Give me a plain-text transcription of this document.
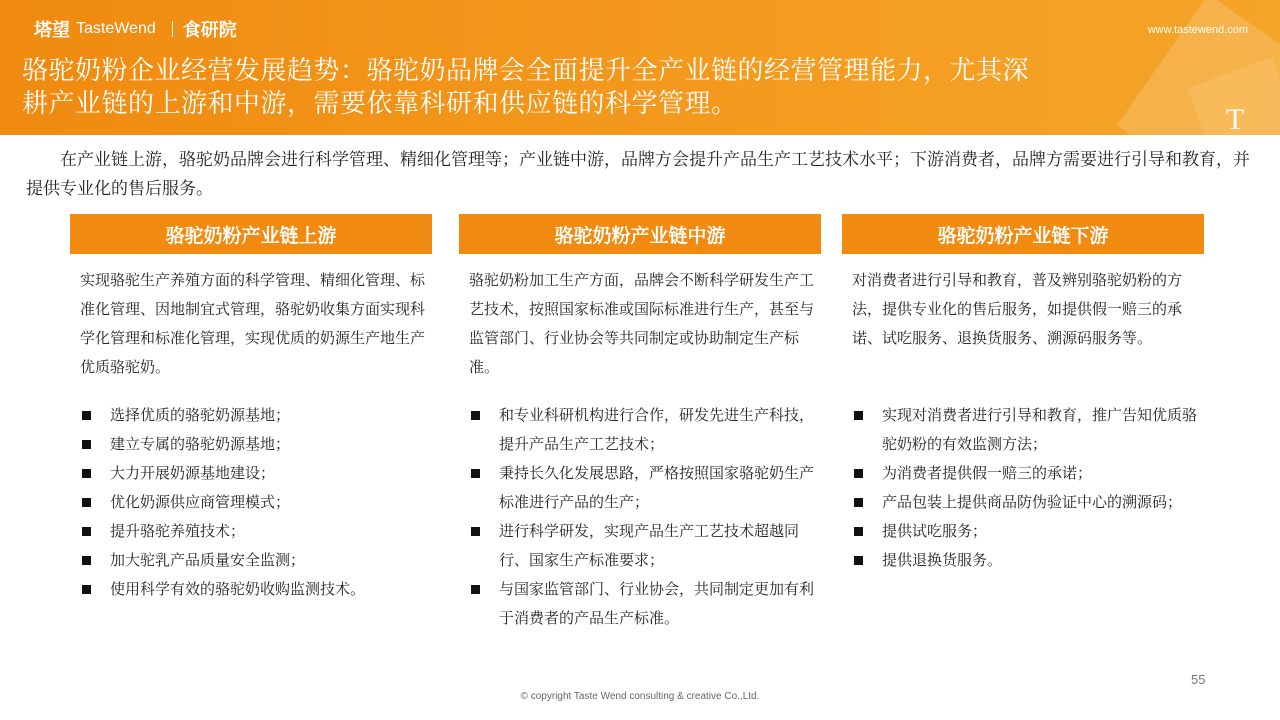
塔望 TasteWend 食研院	www.tastewend.com
T
骆驼奶粉企业经营发展趋势：骆驼奶品牌会全面提升全产业链的经营管理能力，尤其深
耕产业链的上游和中游，需要依靠科研和供应链的科学管理。

在产业链上游，骆驼奶品牌会进行科学管理、精细化管理等；产业链中游，品牌方会提升产品生产工艺技术水平；下游消费者，品牌方需要进行引导和教育，并提供专业化的售后服务。

骆驼奶粉产业链上游

实现骆驼生产养殖方面的科学管理、精细化管理、标准化管理、因地制宜式管理，骆驼奶收集方面实现科学化管理和标准化管理，实现优质的奶源生产地生产优质骆驼奶。

选择优质的骆驼奶源基地；
建立专属的骆驼奶源基地；
大力开展奶源基地建设；
优化奶源供应商管理模式；
提升骆驼养殖技术；
加大驼乳产品质量安全监测；
使用科学有效的骆驼奶收购监测技术。
骆驼奶粉产业链中游

骆驼奶粉加工生产方面，品牌会不断科学研发生产工艺技术，按照国家标准或国际标准进行生产，甚至与监管部门、行业协会等共同制定或协助制定生产标准。

和专业科研机构进行合作，研发先进生产科技，提升产品生产工艺技术；
秉持长久化发展思路，严格按照国家骆驼奶生产标准进行产品的生产；
进行科学研发，实现产品生产工艺技术超越同行、国家生产标准要求；
与国家监管部门、行业协会，共同制定更加有利于消费者的产品生产标准。
骆驼奶粉产业链下游

对消费者进行引导和教育，普及辨别骆驼奶粉的方法，提供专业化的售后服务，如提供假一赔三的承诺、试吃服务、退换货服务、溯源码服务等。

实现对消费者进行引导和教育，推广告知优质骆驼奶粉的有效监测方法；
为消费者提供假一赔三的承诺；
产品包装上提供商品防伪验证中心的溯源码；
提供试吃服务；
提供退换货服务。
55
© copyright Taste Wend consulting & creative Co.,Ltd.
